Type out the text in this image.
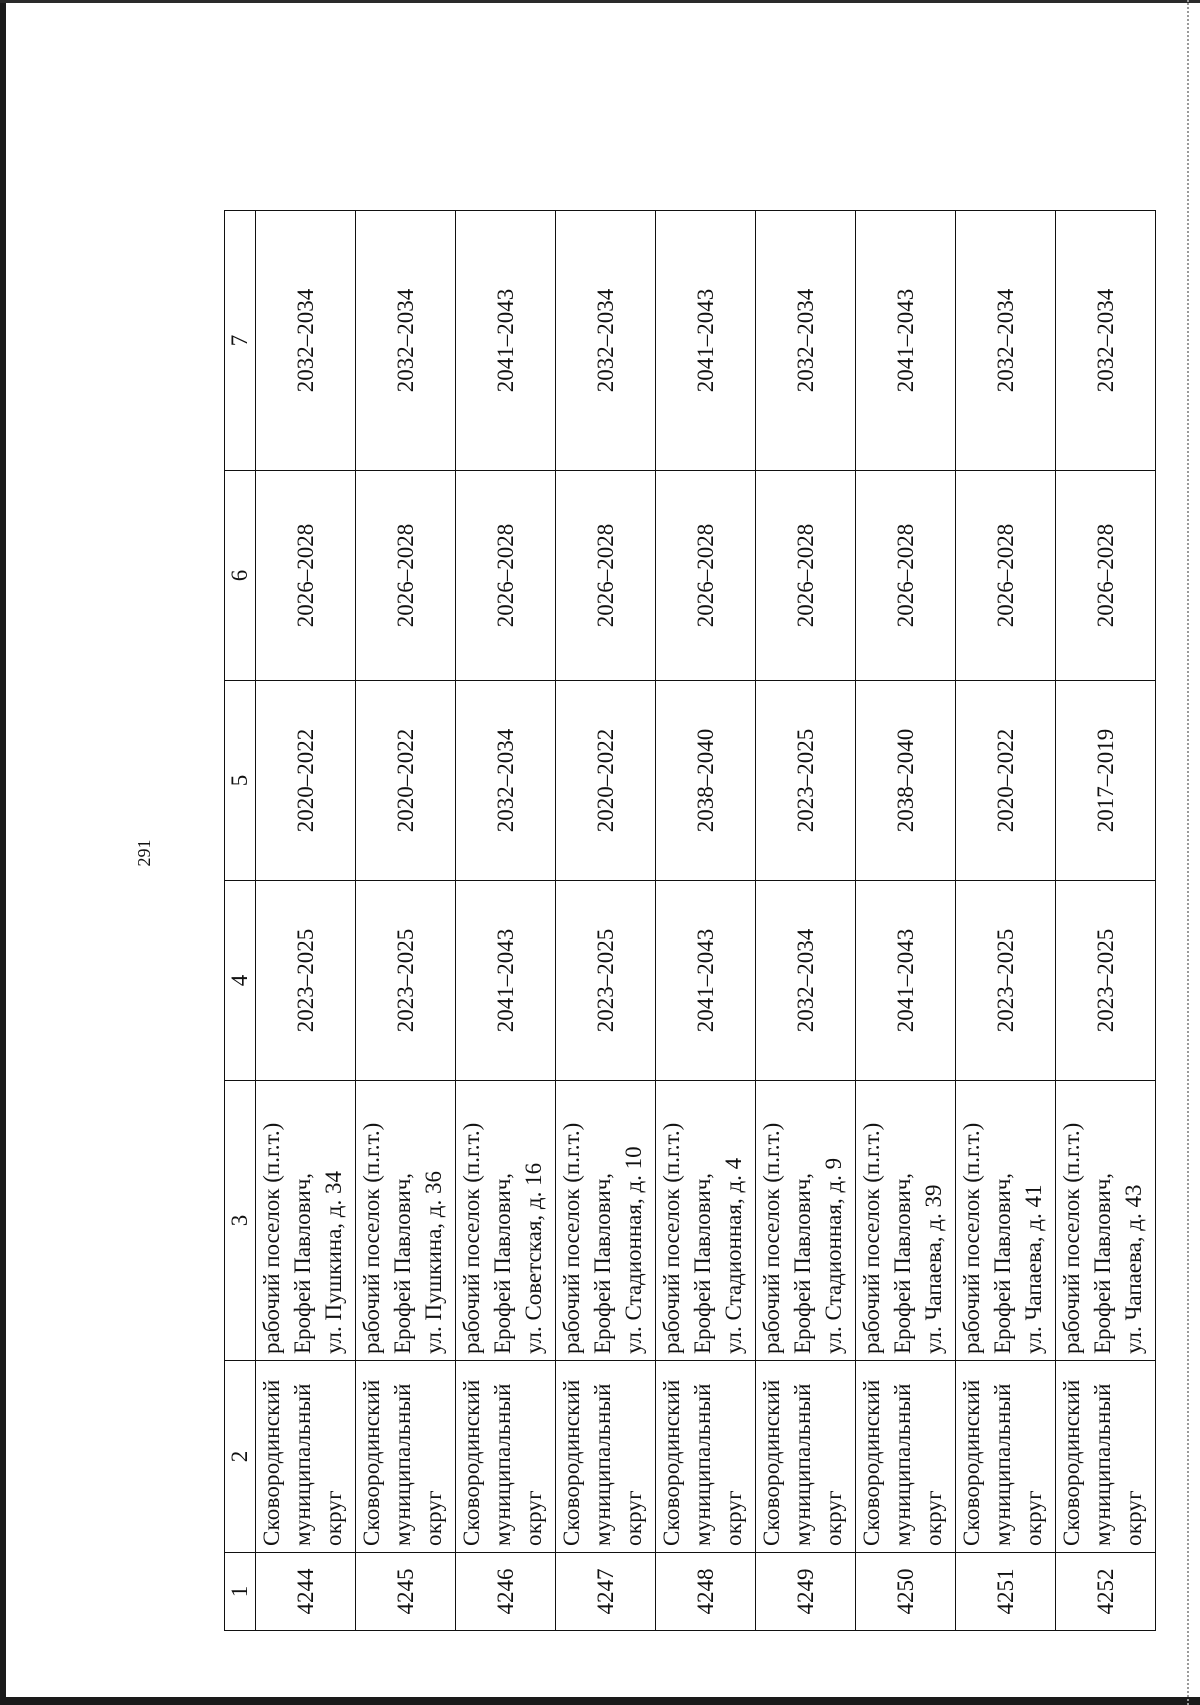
291
1	2	3	4	5	6	7
4244	Сковородинский муниципальный округ	рабочий поселок (п.г.т.) Ерофей Павлович, ул. Пушкина, д. 34	2023–2025	2020–2022	2026–2028	2032–2034
4245	Сковородинский муниципальный округ	рабочий поселок (п.г.т.) Ерофей Павлович, ул. Пушкина, д. 36	2023–2025	2020–2022	2026–2028	2032–2034
4246	Сковородинский муниципальный округ	рабочий поселок (п.г.т.) Ерофей Павлович, ул. Советская, д. 16	2041–2043	2032–2034	2026–2028	2041–2043
4247	Сковородинский муниципальный округ	рабочий поселок (п.г.т.) Ерофей Павлович, ул. Стадионная, д. 10	2023–2025	2020–2022	2026–2028	2032–2034
4248	Сковородинский муниципальный округ	рабочий поселок (п.г.т.) Ерофей Павлович, ул. Стадионная, д. 4	2041–2043	2038–2040	2026–2028	2041–2043
4249	Сковородинский муниципальный округ	рабочий поселок (п.г.т.) Ерофей Павлович, ул. Стадионная, д. 9	2032–2034	2023–2025	2026–2028	2032–2034
4250	Сковородинский муниципальный округ	рабочий поселок (п.г.т.) Ерофей Павлович, ул. Чапаева, д. 39	2041–2043	2038–2040	2026–2028	2041–2043
4251	Сковородинский муниципальный округ	рабочий поселок (п.г.т.) Ерофей Павлович, ул. Чапаева, д. 41	2023–2025	2020–2022	2026–2028	2032–2034
4252	Сковородинский муниципальный округ	рабочий поселок (п.г.т.) Ерофей Павлович, ул. Чапаева, д. 43	2023–2025	2017–2019	2026–2028	2032–2034
